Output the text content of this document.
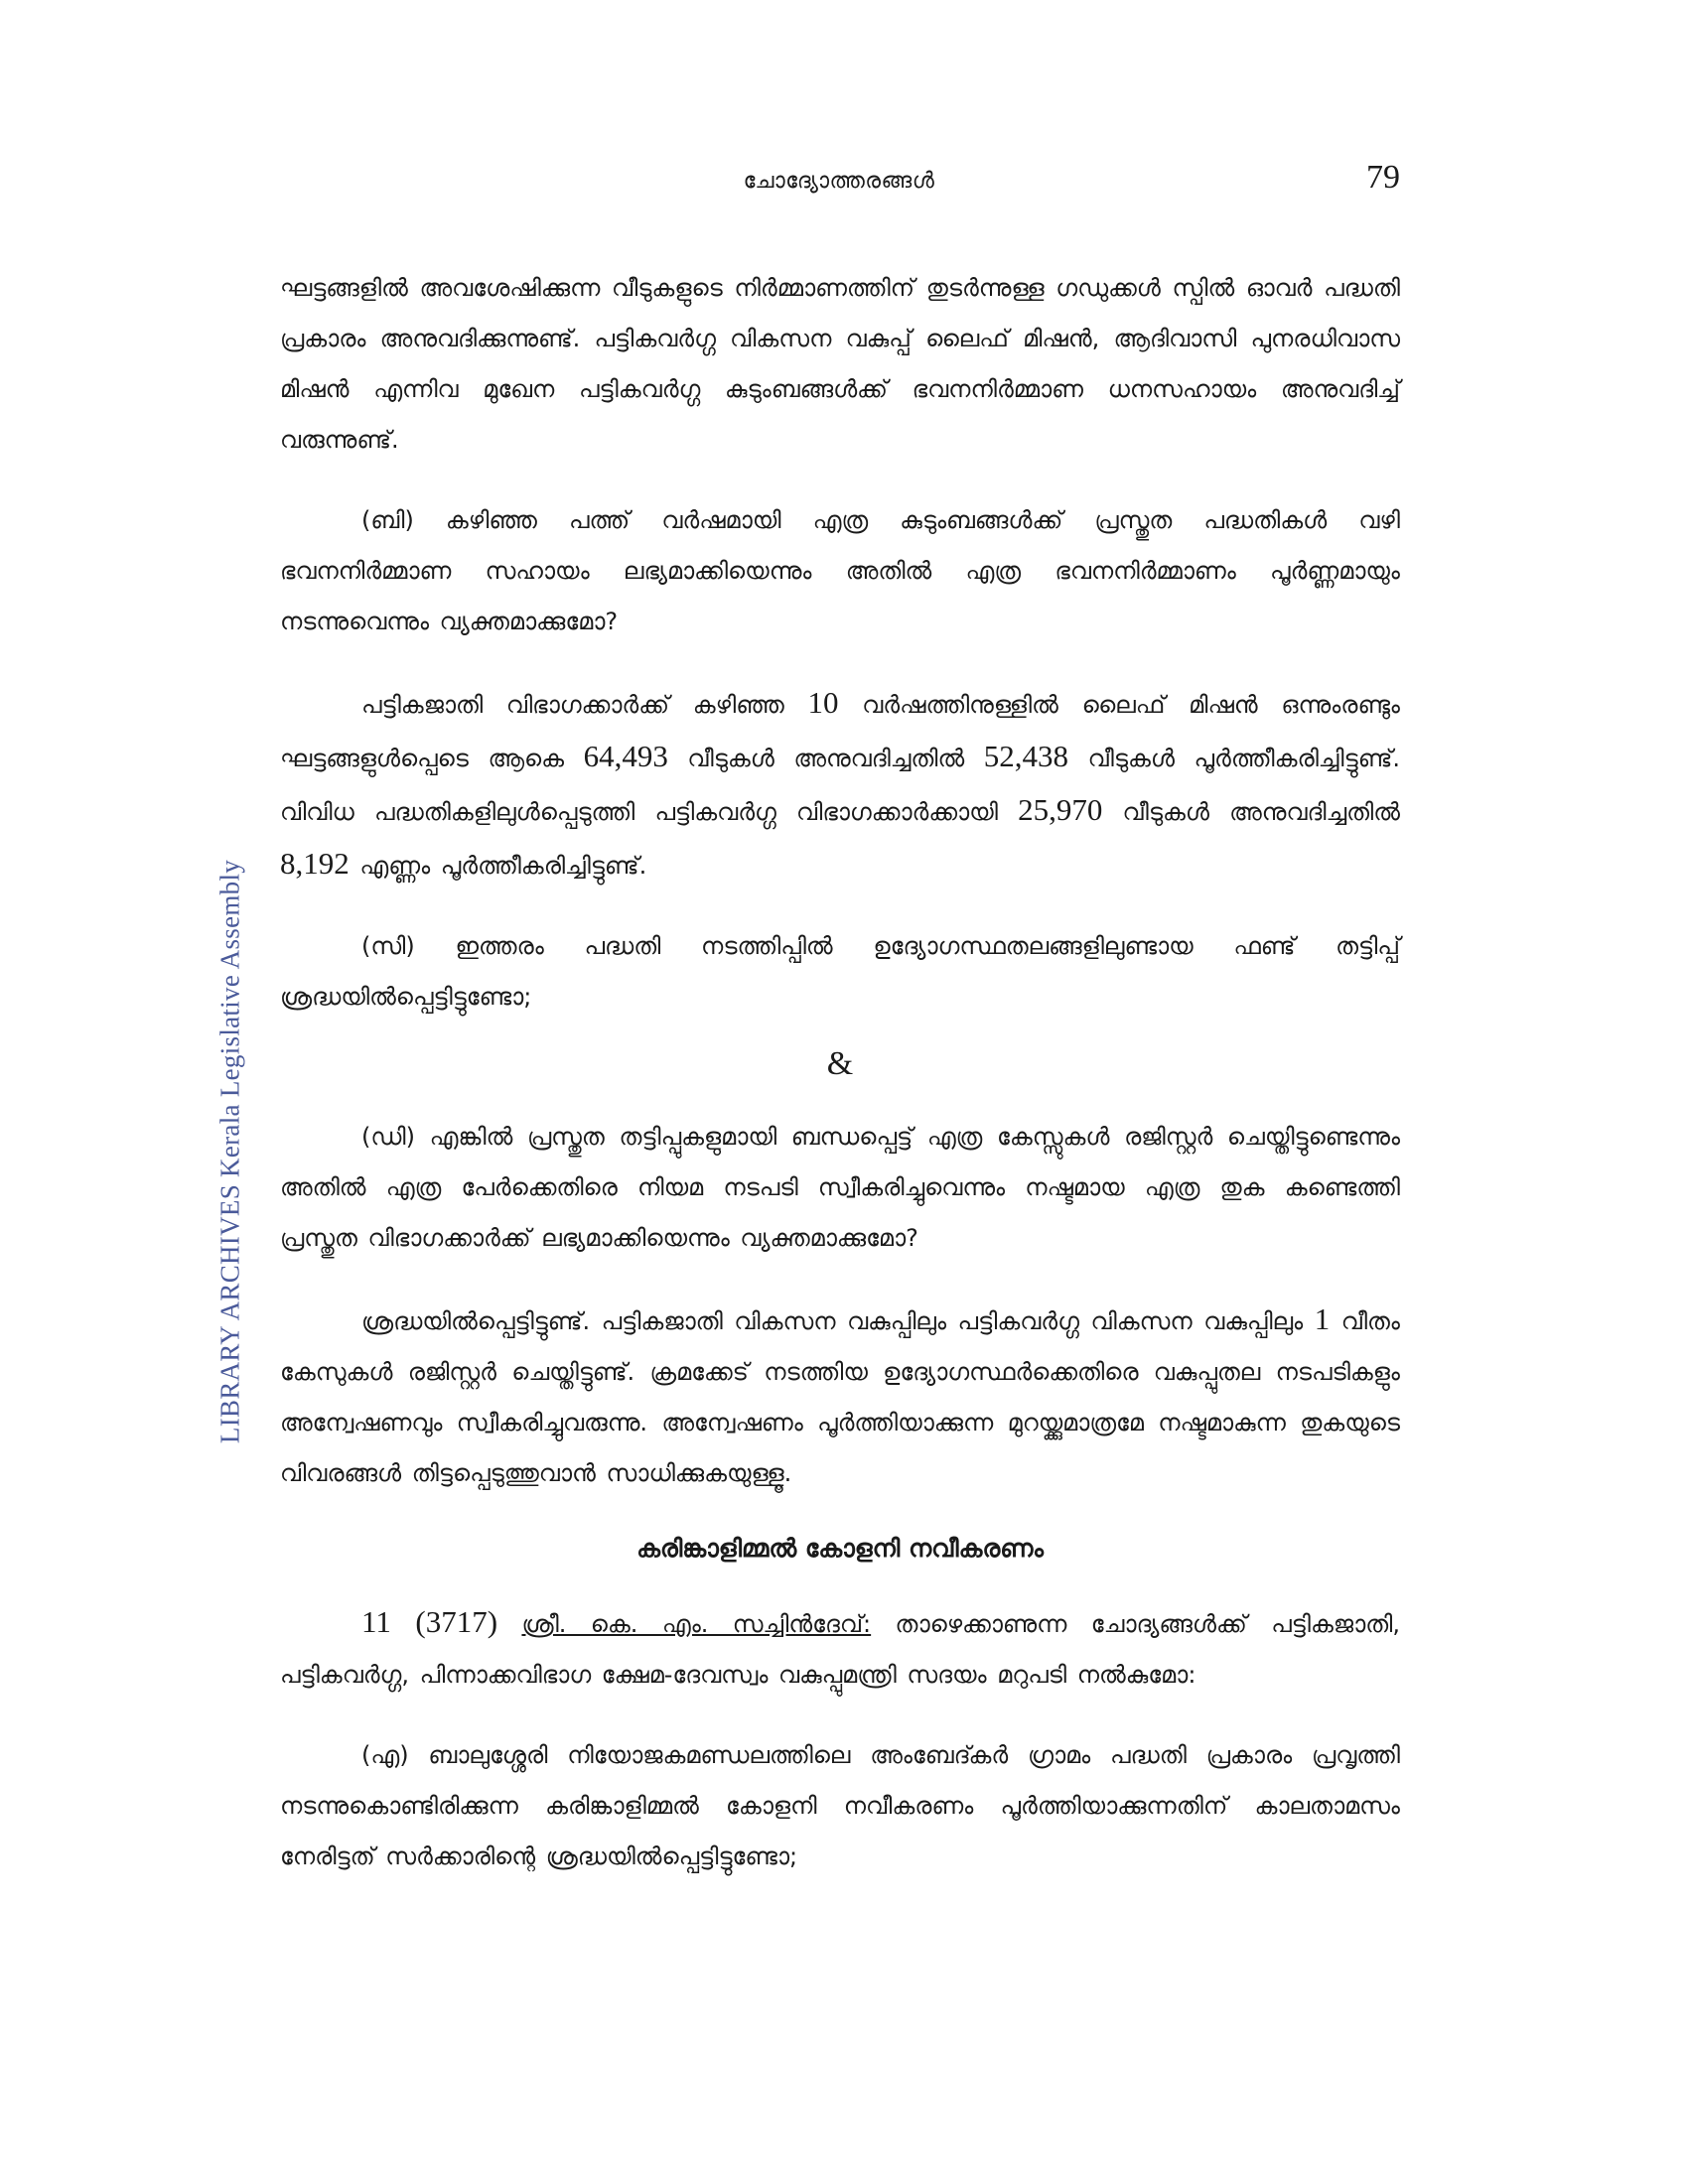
ചോദ്യോത്തരങ്ങൾ	79
LIBRARY ARCHIVES Kerala Legislative Assembly

ഘട്ടങ്ങളിൽ അവശേഷിക്കുന്ന വീടുകളുടെ നിർമ്മാണത്തിന് തുടർന്നുള്ള ഗഡുക്കൾ സ്പിൽ ഓവർ പദ്ധതി പ്രകാരം അനുവദിക്കുന്നുണ്ട്. പട്ടികവർഗ്ഗ വികസന വകുപ്പ് ലൈഫ് മിഷൻ, ആദിവാസി പുനരധിവാസ മിഷൻ എന്നിവ മുഖേന പട്ടികവർഗ്ഗ കുടുംബങ്ങൾക്ക് ഭവനനിർമ്മാണ ധനസഹായം അനുവദിച്ച് വരുന്നുണ്ട്.

(ബി) കഴിഞ്ഞ പത്ത് വർഷമായി എത്ര കുടുംബങ്ങൾക്ക് പ്രസ്തുത പദ്ധതികൾ വഴി ഭവനനിർമ്മാണ സഹായം ലഭ്യമാക്കിയെന്നും അതിൽ എത്ര ഭവനനിർമ്മാണം പൂർണ്ണമായും നടന്നുവെന്നും വ്യക്തമാക്കുമോ?

പട്ടികജാതി വിഭാഗക്കാർക്ക് കഴിഞ്ഞ 10 വർഷത്തിനുള്ളിൽ ലൈഫ് മിഷൻ ഒന്നുംരണ്ടും ഘട്ടങ്ങളുൾപ്പെടെ ആകെ 64,493 വീടുകൾ അനുവദിച്ചതിൽ 52,438 വീടുകൾ പൂർത്തീകരിച്ചിട്ടുണ്ട്. വിവിധ പദ്ധതികളിലുൾപ്പെടുത്തി പട്ടികവർഗ്ഗ വിഭാഗക്കാർക്കായി 25,970 വീടുകൾ അനുവദിച്ചതിൽ 8,192 എണ്ണം പൂർത്തീകരിച്ചിട്ടുണ്ട്.

(സി) ഇത്തരം പദ്ധതി നടത്തിപ്പിൽ ഉദ്യോഗസ്ഥതലങ്ങളിലുണ്ടായ ഫണ്ട് തട്ടിപ്പ് ശ്രദ്ധയിൽപ്പെട്ടിട്ടുണ്ടോ;

&

(ഡി) എങ്കിൽ പ്രസ്തുത തട്ടിപ്പുകളുമായി ബന്ധപ്പെട്ട് എത്ര കേസ്സുകൾ രജിസ്റ്റർ ചെയ്തിട്ടുണ്ടെന്നും അതിൽ എത്ര പേർക്കെതിരെ നിയമ നടപടി സ്വീകരിച്ചുവെന്നും നഷ്ടമായ എത്ര തുക കണ്ടെത്തി പ്രസ്തുത വിഭാഗക്കാർക്ക് ലഭ്യമാക്കിയെന്നും വ്യക്തമാക്കുമോ?

ശ്രദ്ധയിൽപ്പെട്ടിട്ടുണ്ട്. പട്ടികജാതി വികസന വകുപ്പിലും പട്ടികവർഗ്ഗ വികസന വകുപ്പിലും 1 വീതം കേസുകൾ രജിസ്റ്റർ ചെയ്തിട്ടുണ്ട്. ക്രമക്കേട് നടത്തിയ ഉദ്യോഗസ്ഥർക്കെതിരെ വകുപ്പുതല നടപടികളും അന്വേഷണവും സ്വീകരിച്ചുവരുന്നു. അന്വേഷണം പൂർത്തിയാക്കുന്ന മുറയ്ക്കുമാത്രമേ നഷ്ടമാകുന്ന തുകയുടെ വിവരങ്ങൾ തിട്ടപ്പെടുത്തുവാൻ സാധിക്കുകയുള്ളൂ.

കരിങ്കാളിമ്മൽ കോളനി നവീകരണം

11 (3717) ശ്രീ. കെ. എം. സച്ചിൻദേവ്: താഴെക്കാണുന്ന ചോദ്യങ്ങൾക്ക് പട്ടികജാതി, പട്ടികവർഗ്ഗ, പിന്നാക്കവിഭാഗ ക്ഷേമ-ദേവസ്വം വകുപ്പുമന്ത്രി സദയം മറുപടി നൽകുമോ:

(എ) ബാലുശ്ശേരി നിയോജകമണ്ഡലത്തിലെ അംബേദ്കർ ഗ്രാമം പദ്ധതി പ്രകാരം പ്രവൃത്തി നടന്നുകൊണ്ടിരിക്കുന്ന കരിങ്കാളിമ്മൽ കോളനി നവീകരണം പൂർത്തിയാക്കുന്നതിന് കാലതാമസം നേരിട്ടത് സർക്കാരിന്റെ ശ്രദ്ധയിൽപ്പെട്ടിട്ടുണ്ടോ;
